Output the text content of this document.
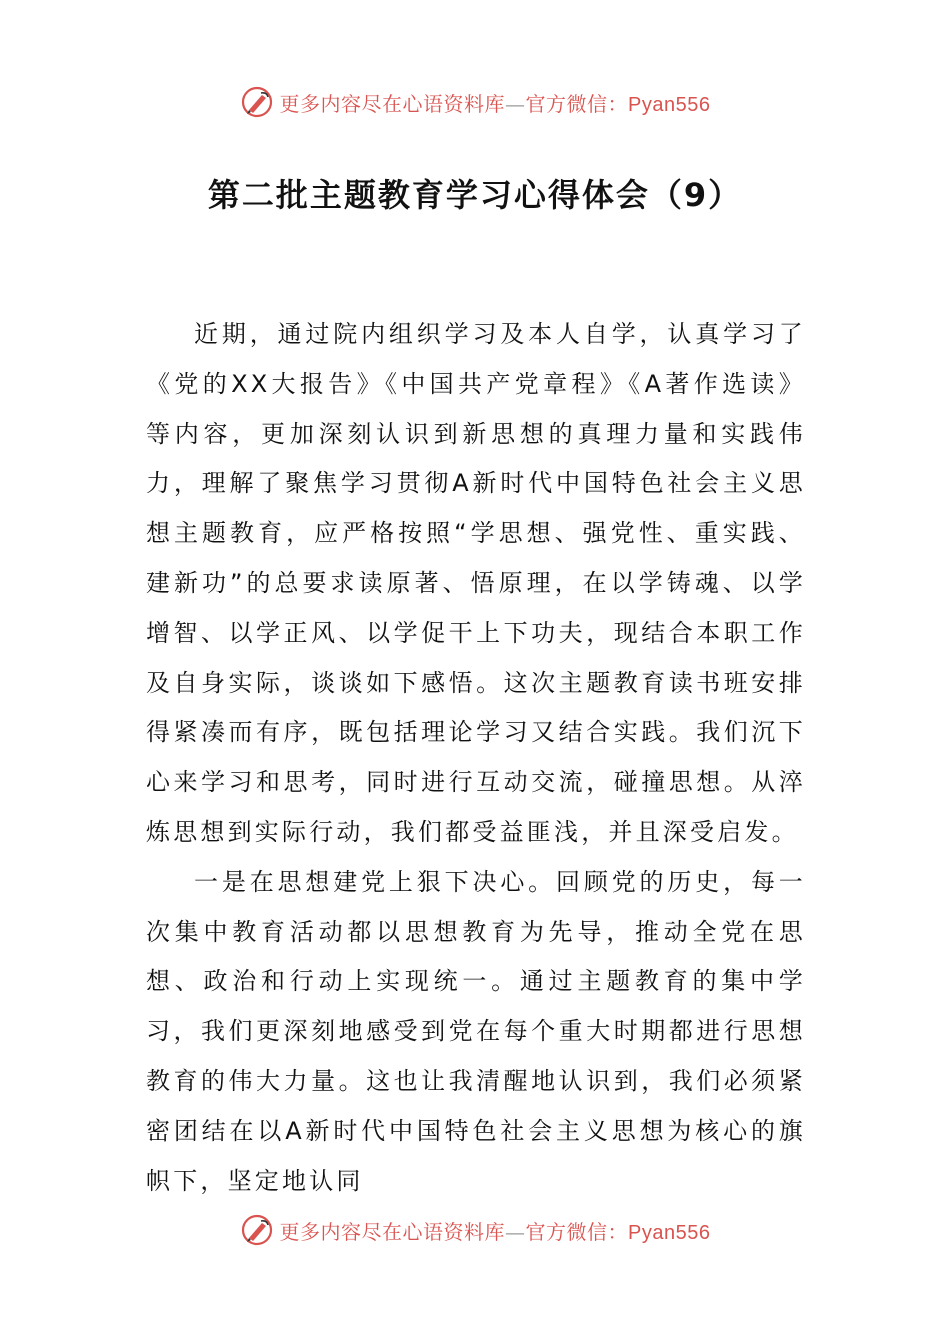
更多内容尽在心语资料库—官方微信：Pyan556
第二批主题教育学习心得体会（9）

近期，通过院内组织学习及本人自学，认真学习了《党的XX大报告》《中国共产党章程》《A著作选读》等内容，更加深刻认识到新思想的真理力量和实践伟力，理解了聚焦学习贯彻A新时代中国特色社会主义思想主题教育，应严格按照“学思想、强党性、重实践、建新功”的总要求读原著、悟原理，在以学铸魂、以学增智、以学正风、以学促干上下功夫，现结合本职工作及自身实际，谈谈如下感悟。这次主题教育读书班安排得紧凑而有序，既包括理论学习又结合实践。我们沉下心来学习和思考，同时进行互动交流，碰撞思想。从淬炼思想到实际行动，我们都受益匪浅，并且深受启发。

一是在思想建党上狠下决心。回顾党的历史，每一次集中教育活动都以思想教育为先导，推动全党在思想、政治和行动上实现统一。通过主题教育的集中学习，我们更深刻地感受到党在每个重大时期都进行思想教育的伟大力量。这也让我清醒地认识到，我们必须紧密团结在以A新时代中国特色社会主义思想为核心的旗帜下，坚定地认同

更多内容尽在心语资料库—官方微信：Pyan556
